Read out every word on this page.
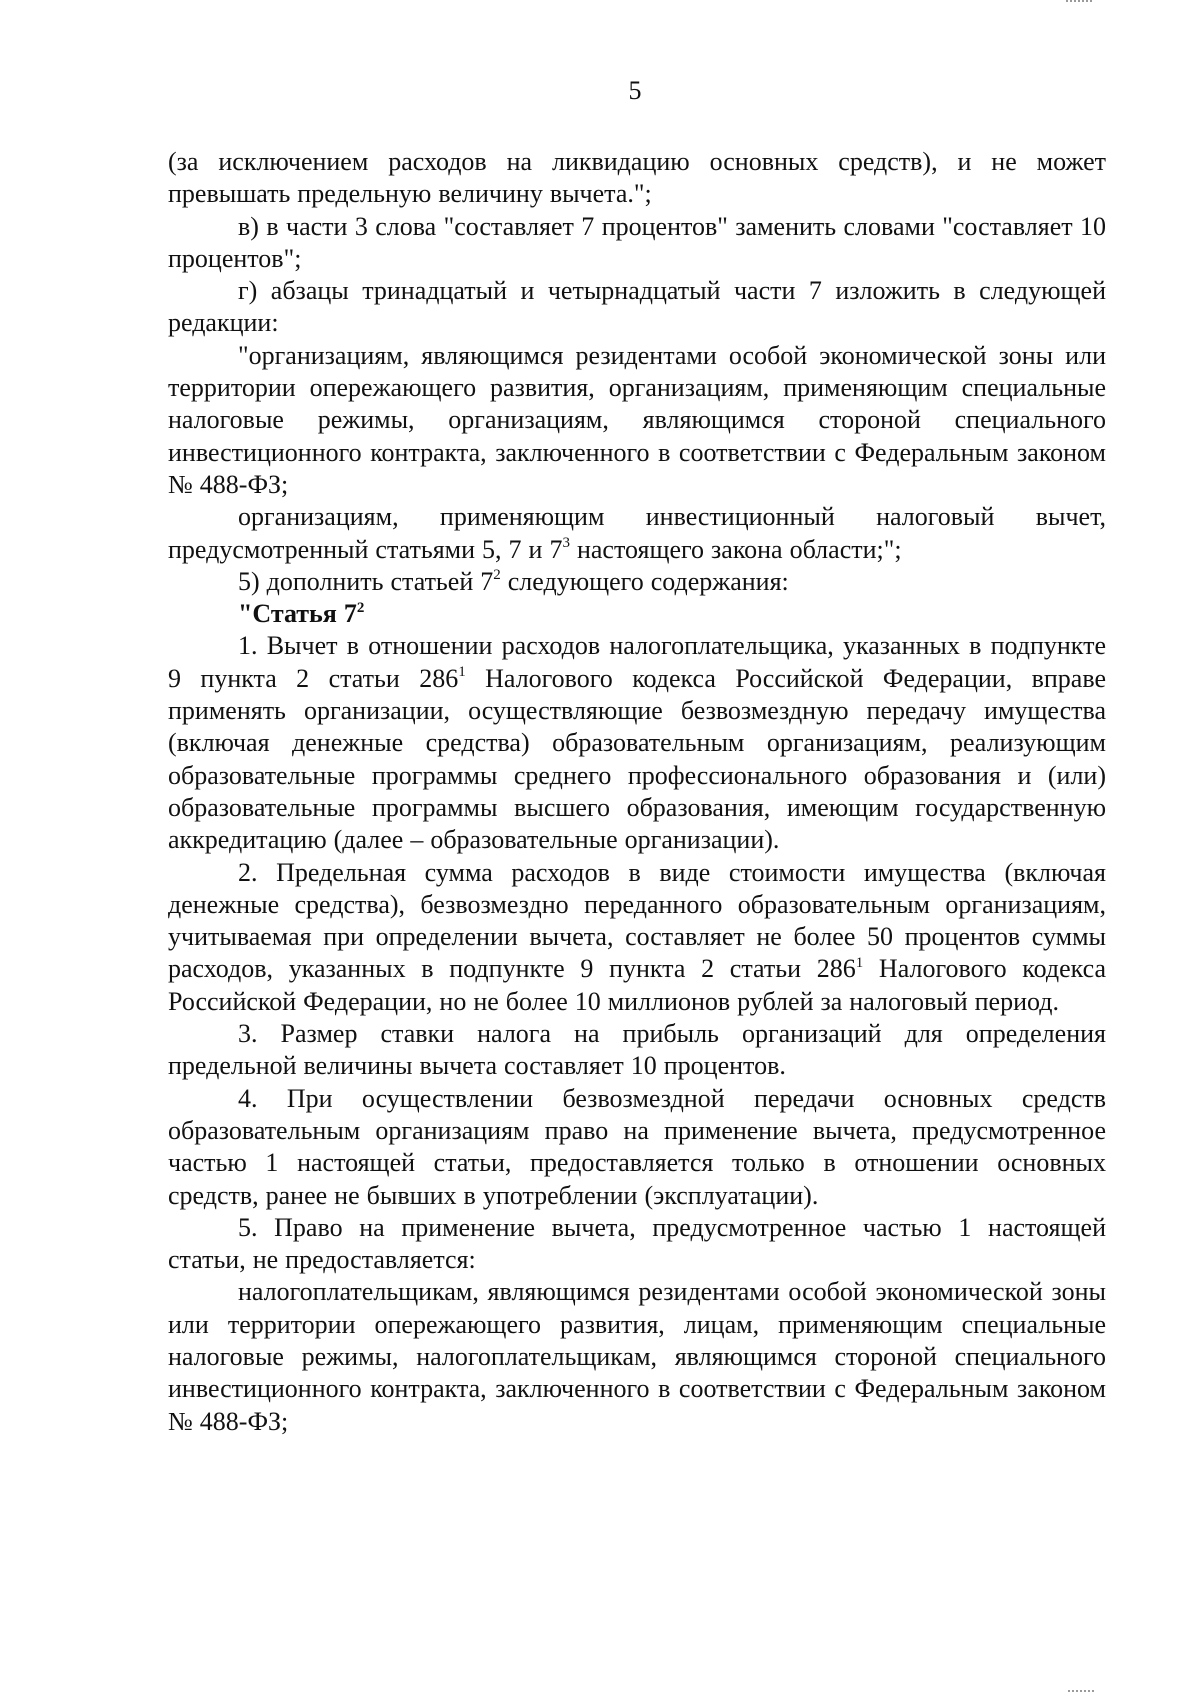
5

(за исключением расходов на ликвидацию основных средств), и не может превышать предельную величину вычета.";

в) в части 3 слова "составляет 7 процентов" заменить словами "составляет 10 процентов";

г) абзацы тринадцатый и четырнадцатый части 7 изложить в следующей редакции:

"организациям, являющимся резидентами особой экономической зоны или территории опережающего развития, организациям, применяющим специальные налоговые режимы, организациям, являющимся стороной специального инвестиционного контракта, заключенного в соответствии с Федеральным законом № 488-ФЗ;

организациям, применяющим инвестиционный налоговый вычет, предусмотренный статьями 5, 7 и $7^3$ настоящего закона области;";

5) дополнить статьей $7^2$ следующего содержания:

"Статья $7^2$

1. Вычет в отношении расходов налогоплательщика, указанных в подпункте 9 пункта 2 статьи $286^1$ Налогового кодекса Российской Федерации, вправе применять организации, осуществляющие безвозмездную передачу имущества (включая денежные средства) образовательным организациям, реализующим образовательные программы среднего профессионального образования и (или) образовательные программы высшего образования, имеющим государственную аккредитацию (далее – образовательные организации).

2. Предельная сумма расходов в виде стоимости имущества (включая денежные средства), безвозмездно переданного образовательным организациям, учитываемая при определении вычета, составляет не более 50 процентов суммы расходов, указанных в подпункте 9 пункта 2 статьи $286^1$ Налогового кодекса Российской Федерации, но не более 10 миллионов рублей за налоговый период.

3. Размер ставки налога на прибыль организаций для определения предельной величины вычета составляет 10 процентов.

4. При осуществлении безвозмездной передачи основных средств образовательным организациям право на применение вычета, предусмотренное частью 1 настоящей статьи, предоставляется только в отношении основных средств, ранее не бывших в употреблении (эксплуатации).

5. Право на применение вычета, предусмотренное частью 1 настоящей статьи, не предоставляется:

налогоплательщикам, являющимся резидентами особой экономической зоны или территории опережающего развития, лицам, применяющим специальные налоговые режимы, налогоплательщикам, являющимся стороной специального инвестиционного контракта, заключенного в соответствии с Федеральным законом № 488-ФЗ;
